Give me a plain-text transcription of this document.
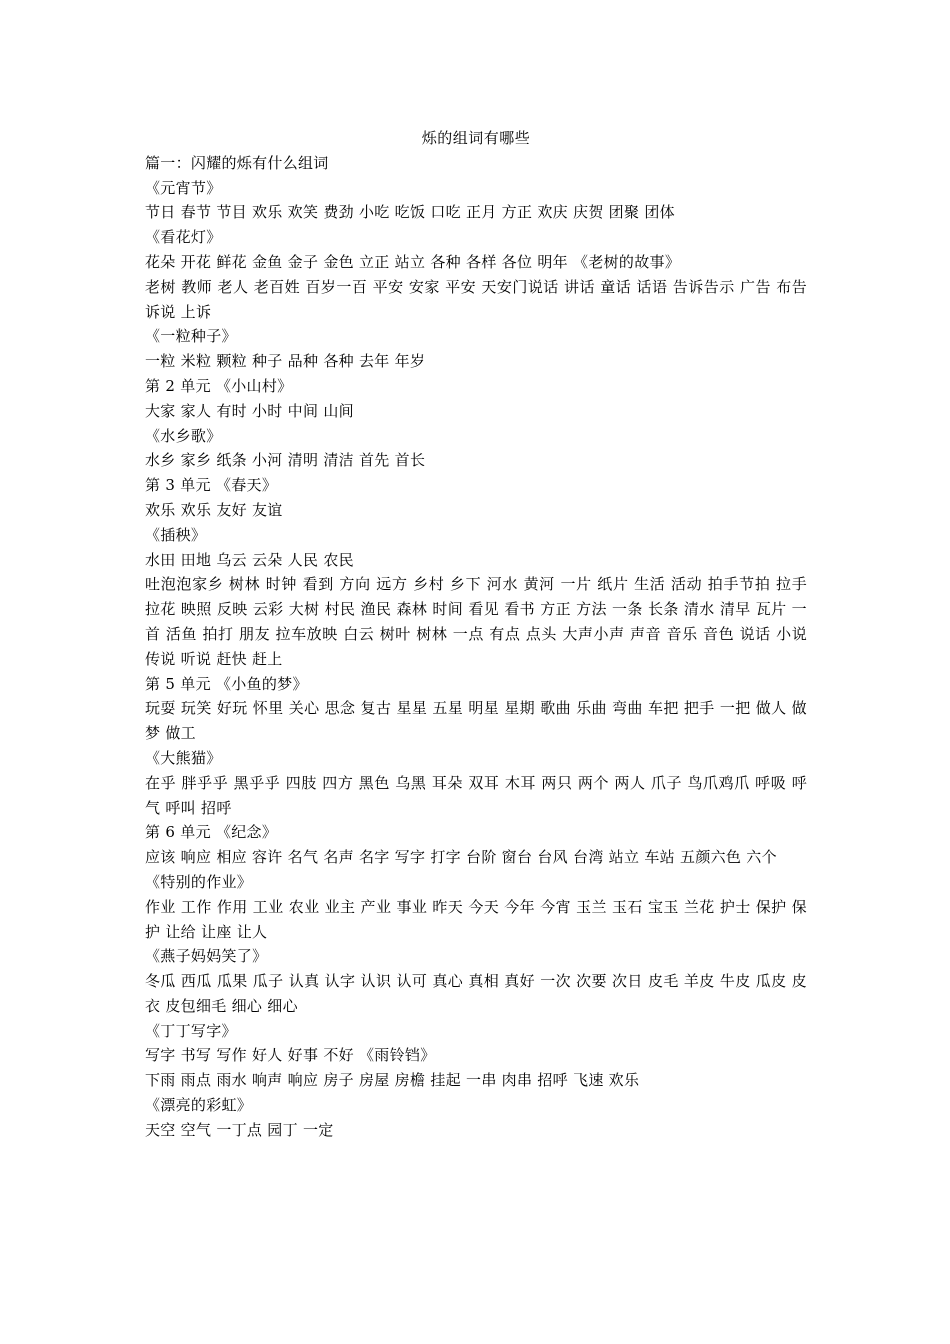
烁的组词有哪些

篇一：闪耀的烁有什么组词

《元宵节》

节日 春节 节目 欢乐 欢笑 费劲 小吃 吃饭 口吃 正月 方正 欢庆 庆贺 团聚 团体

《看花灯》

花朵 开花 鲜花 金鱼 金子 金色 立正 站立 各种 各样 各位 明年 《老树的故事》

老树 教师 老人 老百姓 百岁一百 平安 安家 平安 天安门说话 讲话 童话 话语 告诉告示 广告 布告 诉说 上诉

《一粒种子》

一粒 米粒 颗粒 种子 品种 各种 去年 年岁

第 2 单元 《小山村》

大家 家人 有时 小时 中间 山间

《水乡歌》

水乡 家乡 纸条 小河 清明 清洁 首先 首长

第 3 单元 《春天》

欢乐 欢乐 友好 友谊

《插秧》

水田 田地 乌云 云朵 人民 农民

吐泡泡家乡 树林 时钟 看到 方向 远方 乡村 乡下 河水 黄河 一片 纸片 生活 活动 拍手节拍 拉手 拉花 映照 反映 云彩 大树 村民 渔民 森林 时间 看见 看书 方正 方法 一条 长条 清水 清早 瓦片 一首 活鱼 拍打 朋友 拉车放映 白云 树叶 树林 一点 有点 点头 大声小声 声音 音乐 音色 说话 小说 传说 听说 赶快 赶上

第 5 单元 《小鱼的梦》

玩耍 玩笑 好玩 怀里 关心 思念 复古 星星 五星 明星 星期 歌曲 乐曲 弯曲 车把 把手 一把 做人 做梦 做工

《大熊猫》

在乎 胖乎乎 黑乎乎 四肢 四方 黑色 乌黑 耳朵 双耳 木耳 两只 两个 两人 爪子 鸟爪鸡爪 呼吸 呼气 呼叫 招呼

第 6 单元 《纪念》

应该 响应 相应 容许 名气 名声 名字 写字 打字 台阶 窗台 台风 台湾 站立 车站 五颜六色 六个

《特别的作业》

作业 工作 作用 工业 农业 业主 产业 事业 昨天 今天 今年 今宵 玉兰 玉石 宝玉 兰花 护士 保护 保护 让给 让座 让人

《燕子妈妈笑了》

冬瓜 西瓜 瓜果 瓜子 认真 认字 认识 认可 真心 真相 真好 一次 次要 次日 皮毛 羊皮 牛皮 瓜皮 皮衣 皮包细毛 细心 细心

《丁丁写字》

写字 书写 写作 好人 好事 不好 《雨铃铛》

下雨 雨点 雨水 响声 响应 房子 房屋 房檐 挂起 一串 肉串 招呼 飞速 欢乐

《漂亮的彩虹》

天空 空气 一丁点 园丁 一定
